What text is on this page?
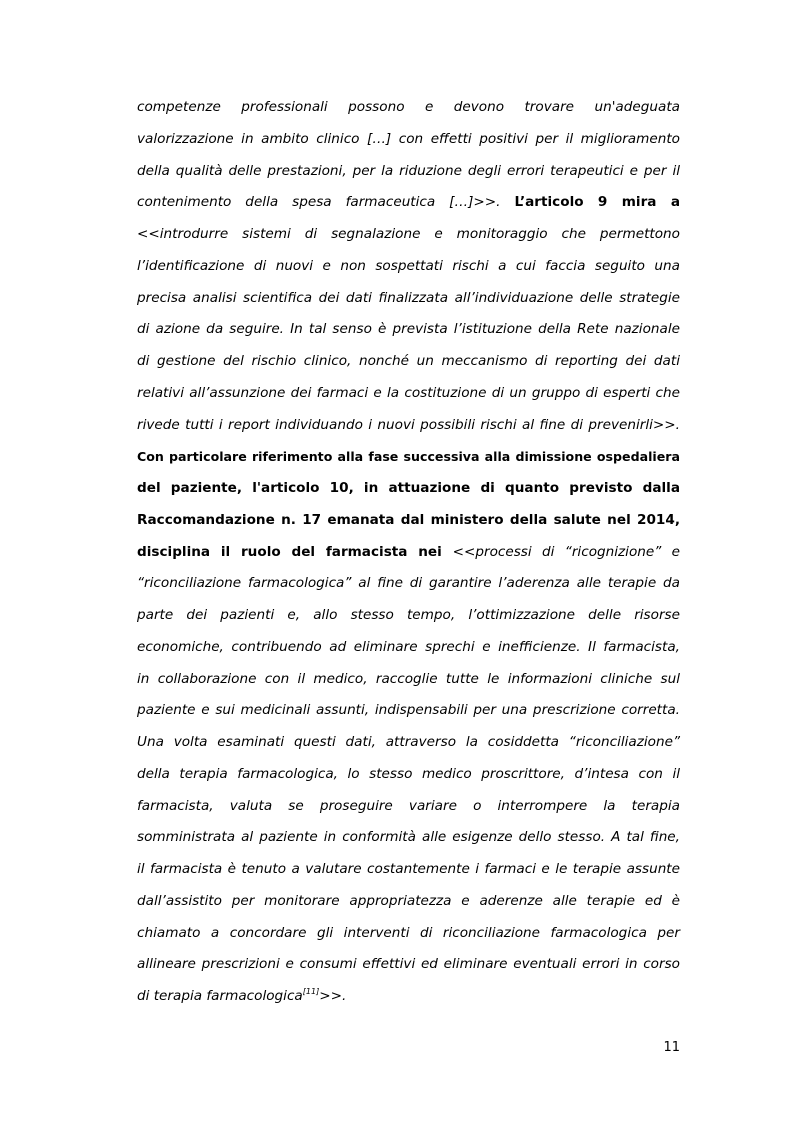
competenze professionali possono e devono trovare un'adeguata
valorizzazione in ambito clinico […] con effetti positivi per il miglioramento
della qualità delle prestazioni, per la riduzione degli errori terapeutici e per il
contenimento della spesa farmaceutica […]>>. L’articolo 9 mira a
<<introdurre sistemi di segnalazione e monitoraggio che permettono
l’identificazione di nuovi e non sospettati rischi a cui faccia seguito una
precisa analisi scientifica dei dati finalizzata all’individuazione delle strategie
di azione da seguire. In tal senso è prevista l’istituzione della Rete nazionale
di gestione del rischio clinico, nonché un meccanismo di reporting dei dati
relativi all’assunzione dei farmaci e la costituzione di un gruppo di esperti che
rivede tutti i report individuando i nuovi possibili rischi al fine di prevenirli>>.
Con particolare riferimento alla fase successiva alla dimissione ospedaliera
del paziente, l'articolo 10, in attuazione di quanto previsto dalla
Raccomandazione n. 17 emanata dal ministero della salute nel 2014,
disciplina il ruolo del farmacista nei <<processi di “ricognizione” e
“riconciliazione farmacologica” al fine di garantire l’aderenza alle terapie da
parte dei pazienti e, allo stesso tempo, l’ottimizzazione delle risorse
economiche, contribuendo ad eliminare sprechi e inefficienze. Il farmacista,
in collaborazione con il medico, raccoglie tutte le informazioni cliniche sul
paziente e sui medicinali assunti, indispensabili per una prescrizione corretta.
Una volta esaminati questi dati, attraverso la cosiddetta “riconciliazione”
della terapia farmacologica, lo stesso medico proscrittore, d’intesa con il
farmacista, valuta se proseguire variare o interrompere la terapia
somministrata al paziente in conformità alle esigenze dello stesso. A tal fine,
il farmacista è tenuto a valutare costantemente i farmaci e le terapie assunte
dall’assistito per monitorare appropriatezza e aderenze alle terapie ed è
chiamato a concordare gli interventi di riconciliazione farmacologica per
allineare prescrizioni e consumi effettivi ed eliminare eventuali errori in corso
di terapia farmacologica[11]>>.
11
